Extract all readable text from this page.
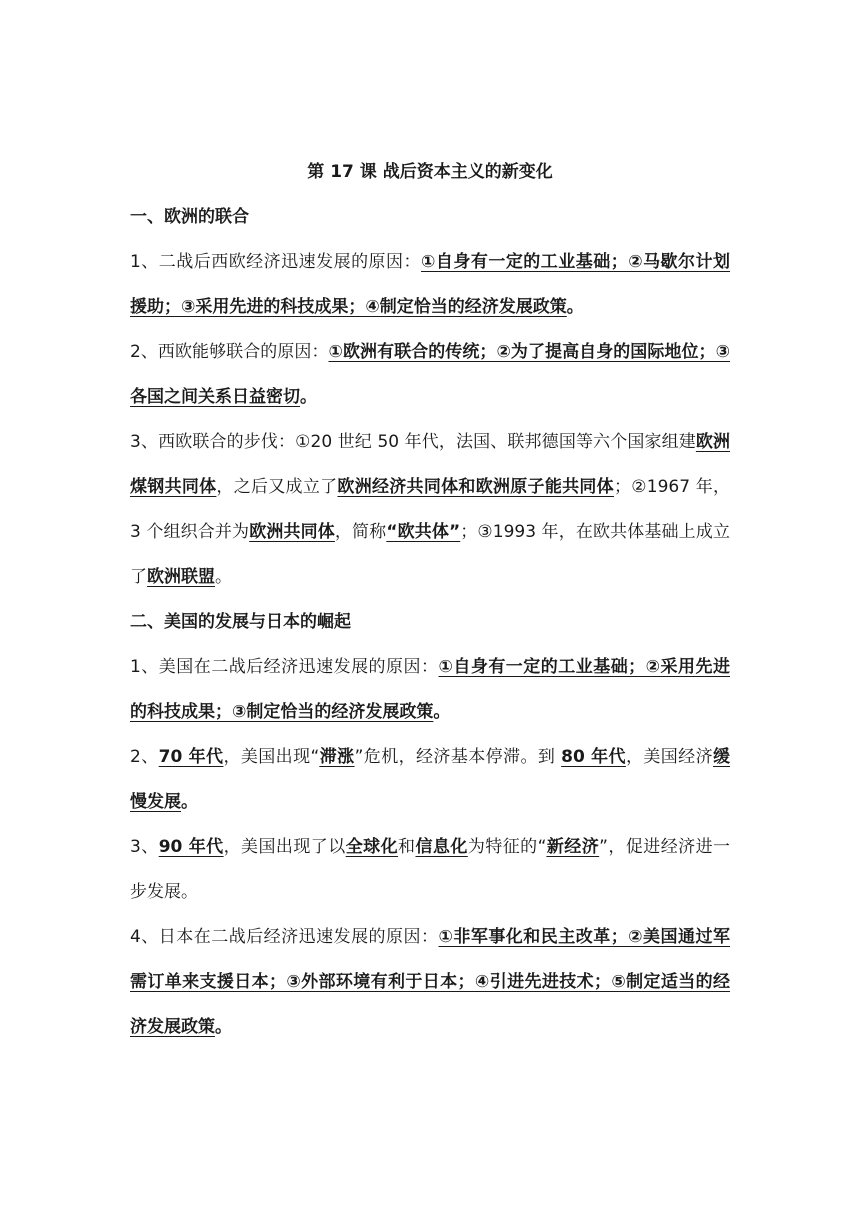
第 17 课 战后资本主义的新变化

一、欧洲的联合

1、二战后西欧经济迅速发展的原因：①自身有一定的工业基础；②马歇尔计划援助；③采用先进的科技成果；④制定恰当的经济发展政策。

2、西欧能够联合的原因：①欧洲有联合的传统；②为了提高自身的国际地位；③各国之间关系日益密切。

3、西欧联合的步伐：①20 世纪 50 年代，法国、联邦德国等六个国家组建欧洲煤钢共同体，之后又成立了欧洲经济共同体和欧洲原子能共同体；②1967 年，3 个组织合并为欧洲共同体，简称“欧共体”；③1993 年，在欧共体基础上成立了欧洲联盟。

二、美国的发展与日本的崛起

1、美国在二战后经济迅速发展的原因：①自身有一定的工业基础；②采用先进的科技成果；③制定恰当的经济发展政策。

2、70 年代，美国出现“滞涨”危机，经济基本停滞。到 80 年代，美国经济缓慢发展。

3、90 年代，美国出现了以全球化和信息化为特征的“新经济”，促进经济进一步发展。

4、日本在二战后经济迅速发展的原因：①非军事化和民主改革；②美国通过军需订单来支援日本；③外部环境有利于日本；④引进先进技术；⑤制定适当的经济发展政策。
